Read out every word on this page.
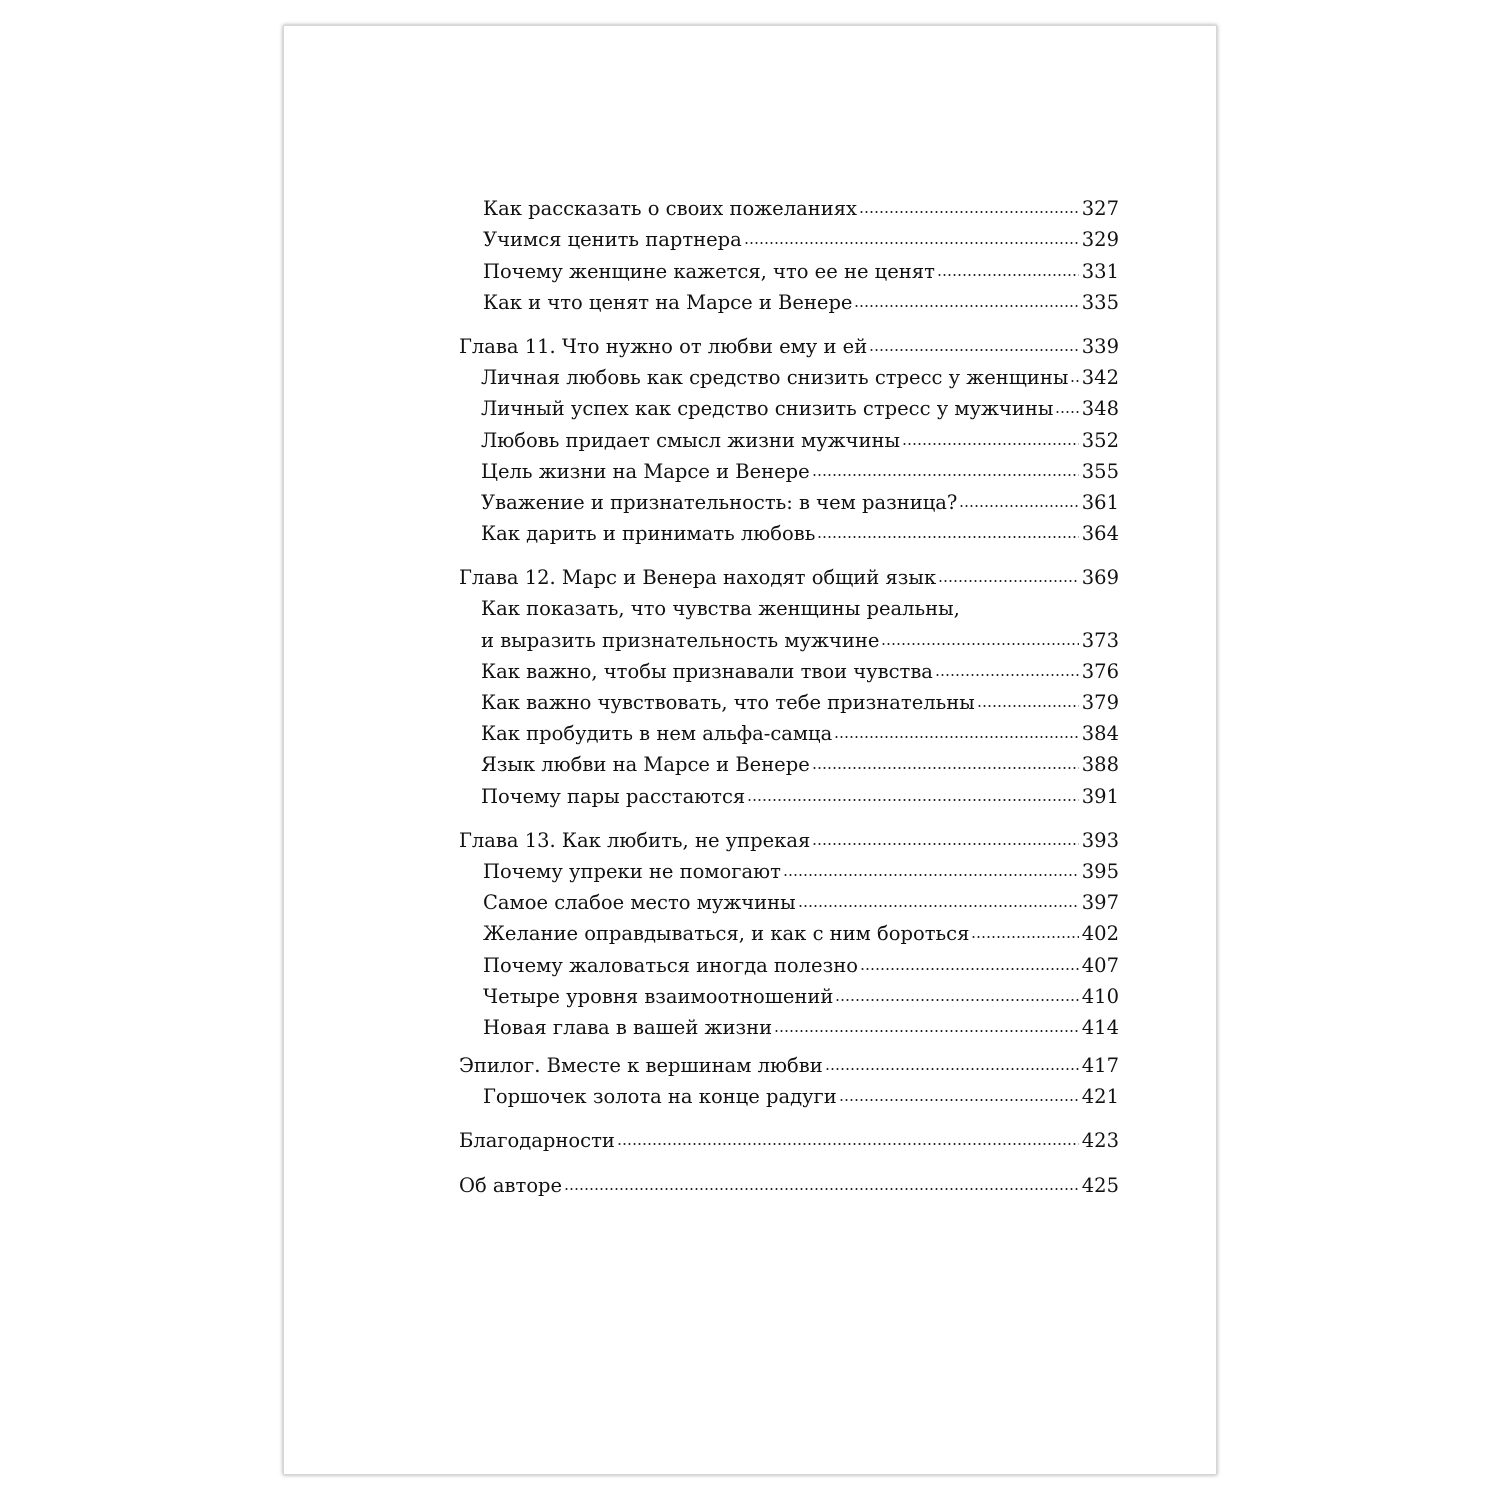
Как рассказать о своих пожеланиях	327
Учимся ценить партнера	329
Почему женщине кажется, что ее не ценят	331
Как и что ценят на Марсе и Венере	335
Глава 11. Что нужно от любви ему и ей	339
Личная любовь как средство снизить стресс у женщины 342
Личный успех как средство снизить стресс у мужчины 348
Любовь придает смысл жизни мужчины	352
Цель жизни на Марсе и Венере	355
Уважение и признательность: в чем разница?	361
Как дарить и принимать любовь	364
Глава 12. Марс и Венера находят общий язык	369
Как показать, что чувства женщины реальны,
и выразить признательность мужчине	373
Как важно, чтобы признавали твои чувства	376
Как важно чувствовать, что тебе признательны	379
Как пробудить в нем альфа-самца	384
Язык любви на Марсе и Венере	388
Почему пары расстаются	391
Глава 13. Как любить, не упрекая	393
Почему упреки не помогают	395
Самое слабое место мужчины	397
Желание оправдываться, и как с ним бороться	402
Почему жаловаться иногда полезно	407
Четыре уровня взаимоотношений	410
Новая глава в вашей жизни	414
Эпилог. Вместе к вершинам любви	417
Горшочек золота на конце радуги	421
Благодарности	423
Об авторе	425
